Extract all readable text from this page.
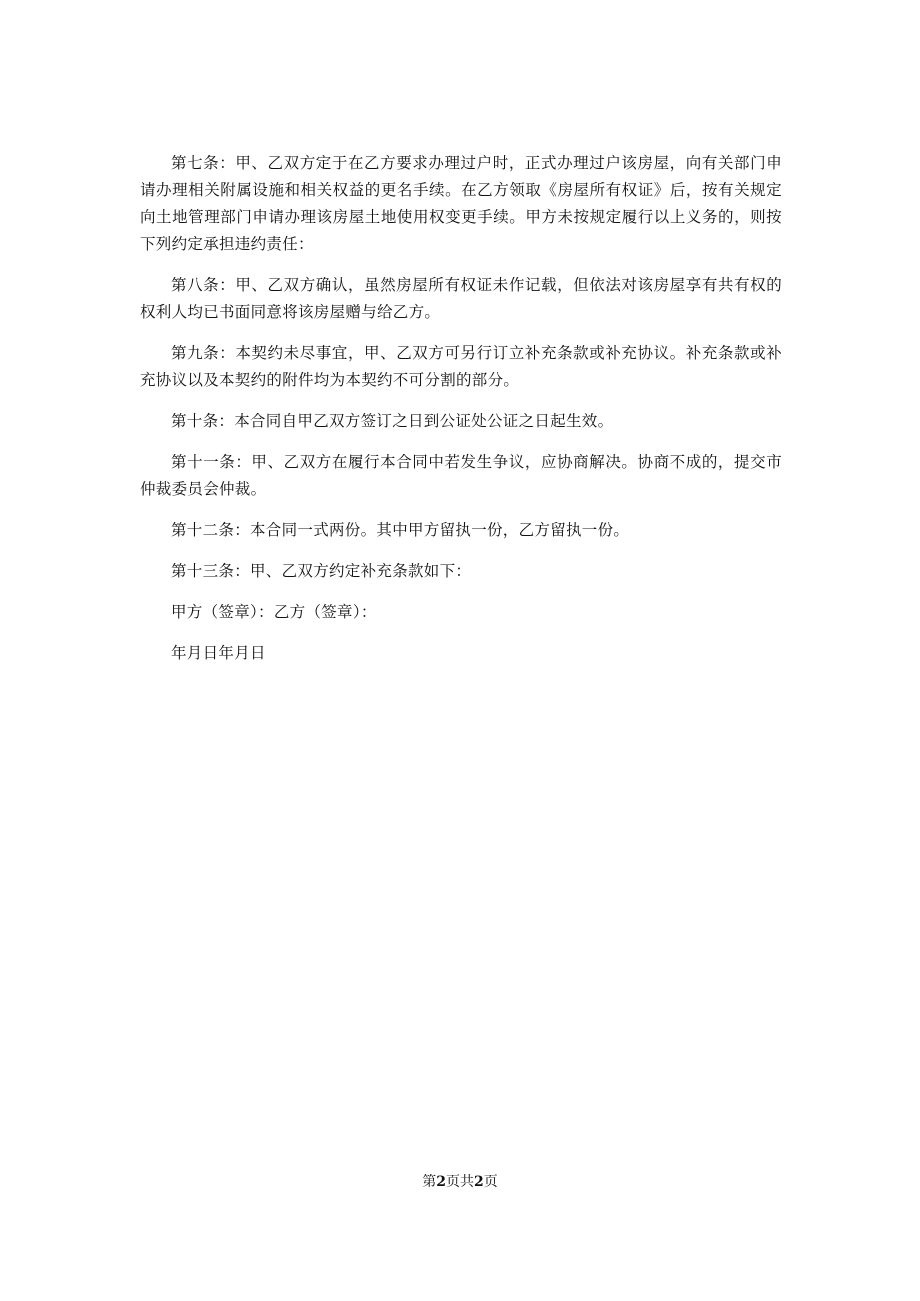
第七条：甲、乙双方定于在乙方要求办理过户时，正式办理过户该房屋，向有关部门申请办理相关附属设施和相关权益的更名手续。在乙方领取《房屋所有权证》后，按有关规定向土地管理部门申请办理该房屋土地使用权变更手续。甲方未按规定履行以上义务的，则按下列约定承担违约责任：

第八条：甲、乙双方确认，虽然房屋所有权证未作记载，但依法对该房屋享有共有权的权利人均已书面同意将该房屋赠与给乙方。

第九条：本契约未尽事宜，甲、乙双方可另行订立补充条款或补充协议。补充条款或补充协议以及本契约的附件均为本契约不可分割的部分。

第十条：本合同自甲乙双方签订之日到公证处公证之日起生效。

第十一条：甲、乙双方在履行本合同中若发生争议，应协商解决。协商不成的，提交市仲裁委员会仲裁。

第十二条：本合同一式两份。其中甲方留执一份，乙方留执一份。

第十三条：甲、乙双方约定补充条款如下：

甲方（签章）：乙方（签章）：

年月日年月日

第2页共2页
